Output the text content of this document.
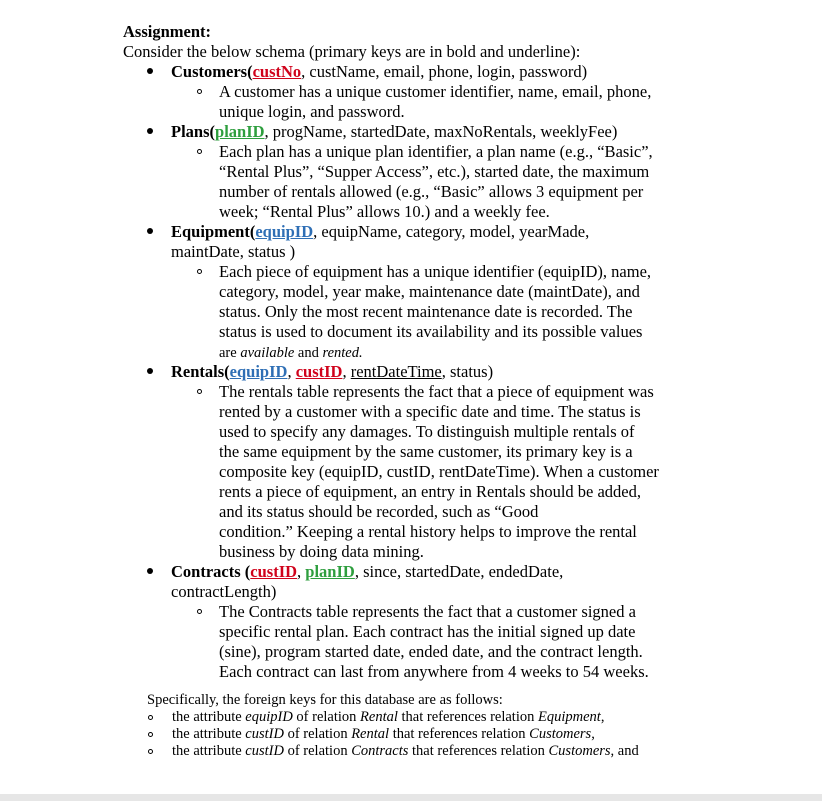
Assignment:
Consider the below schema (primary keys are in bold and underline):
Customers(custNo, custName, email, phone, login, password)
A customer has a unique customer identifier, name, email, phone,
unique login, and password.
Plans(planID, progName, startedDate, maxNoRentals, weeklyFee)
Each plan has a unique plan identifier, a plan name (e.g., “Basic”,
“Rental Plus”, “Supper Access”, etc.), started date, the maximum
number of rentals allowed (e.g., “Basic” allows 3 equipment per
week; “Rental Plus” allows 10.) and a weekly fee.
Equipment(equipID, equipName, category, model, yearMade,
maintDate, status )
Each piece of equipment has a unique identifier (equipID), name,
category, model, year make, maintenance date (maintDate), and
status. Only the most recent maintenance date is recorded. The
status is used to document its availability and its possible values
are available and rented.
Rentals(equipID, custID, rentDateTime, status)
The rentals table represents the fact that a piece of equipment was
rented by a customer with a specific date and time. The status is
used to specify any damages. To distinguish multiple rentals of
the same equipment by the same customer, its primary key is a
composite key (equipID, custID, rentDateTime). When a customer
rents a piece of equipment, an entry in Rentals should be added,
and its status should be recorded, such as “Good
condition.” Keeping a rental history helps to improve the rental
business by doing data mining.
Contracts (custID, planID, since, startedDate, endedDate,
contractLength)
The Contracts table represents the fact that a customer signed a
specific rental plan. Each contract has the initial signed up date
(sine), program started date, ended date, and the contract length.
Each contract can last from anywhere from 4 weeks to 54 weeks.
Specifically, the foreign keys for this database are as follows:
the attribute equipID of relation Rental that references relation Equipment,
the attribute custID of relation Rental that references relation Customers,
the attribute custID of relation Contracts that references relation Customers, and
